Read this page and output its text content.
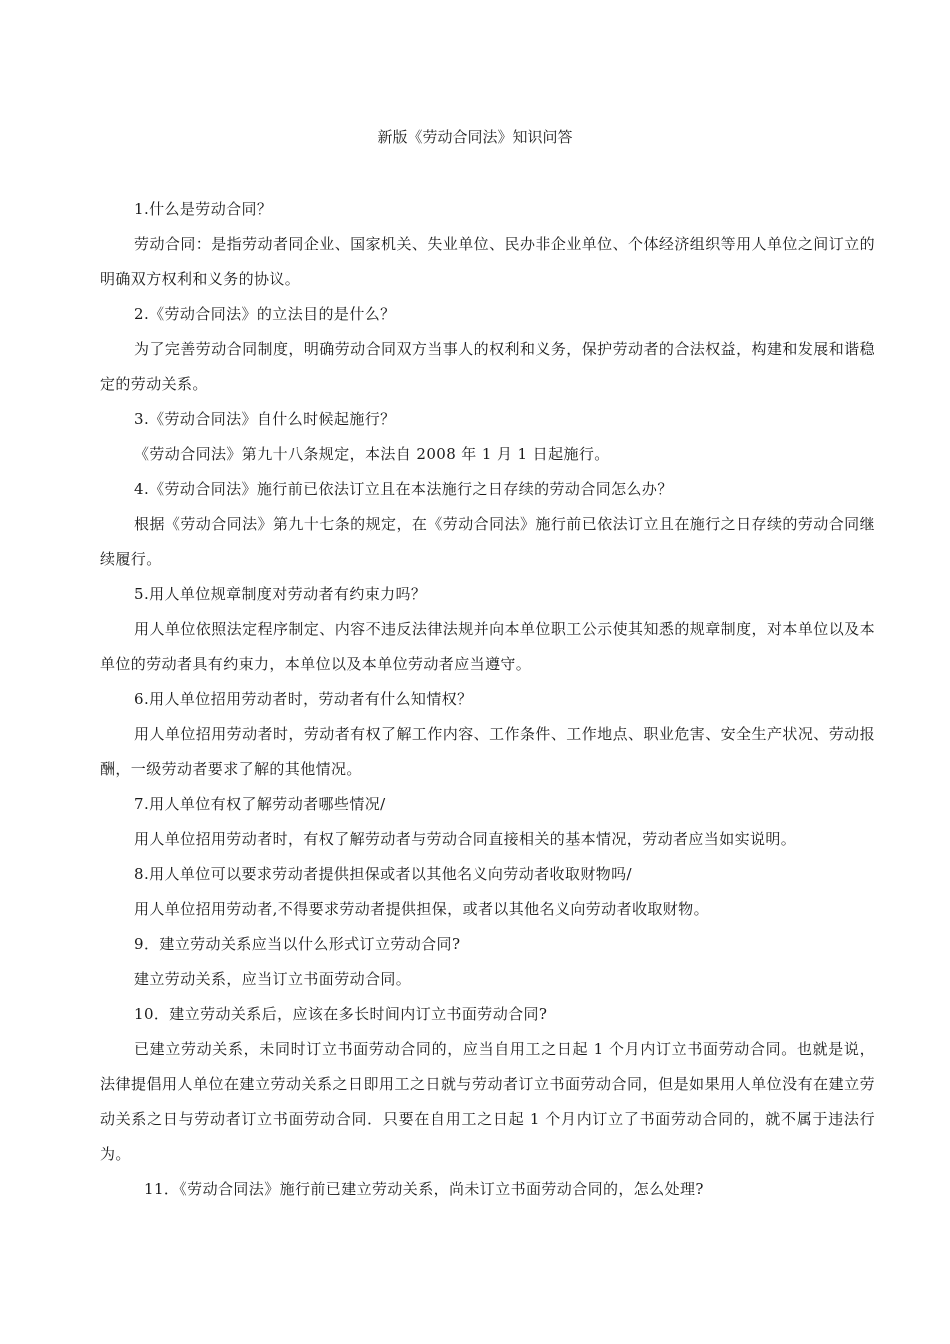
新版《劳动合同法》知识问答

1.什么是劳动合同？

劳动合同：是指劳动者同企业、国家机关、失业单位、民办非企业单位、个体经济组织等用人单位之间订立的明确双方权利和义务的协议。

2.《劳动合同法》的立法目的是什么？

为了完善劳动合同制度，明确劳动合同双方当事人的权利和义务，保护劳动者的合法权益，构建和发展和谐稳定的劳动关系。

3.《劳动合同法》自什么时候起施行？

《劳动合同法》第九十八条规定，本法自 2008 年 1 月 1 日起施行。

4.《劳动合同法》施行前已依法订立且在本法施行之日存续的劳动合同怎么办？

根据《劳动合同法》第九十七条的规定，在《劳动合同法》施行前已依法订立且在施行之日存续的劳动合同继续履行。

5.用人单位规章制度对劳动者有约束力吗？

用人单位依照法定程序制定、内容不违反法律法规并向本单位职工公示使其知悉的规章制度，对本单位以及本单位的劳动者具有约束力，本单位以及本单位劳动者应当遵守。

6.用人单位招用劳动者时，劳动者有什么知情权？

用人单位招用劳动者时，劳动者有权了解工作内容、工作条件、工作地点、职业危害、安全生产状况、劳动报酬，一级劳动者要求了解的其他情况。

7.用人单位有权了解劳动者哪些情况/

用人单位招用劳动者时，有权了解劳动者与劳动合同直接相关的基本情况，劳动者应当如实说明。

8.用人单位可以要求劳动者提供担保或者以其他名义向劳动者收取财物吗/

用人单位招用劳动者,不得要求劳动者提供担保，或者以其他名义向劳动者收取财物。

9．建立劳动关系应当以什么形式订立劳动合同?

建立劳动关系，应当订立书面劳动合同。

10．建立劳动关系后，应该在多长时间内订立书面劳动合同?

已建立劳动关系，未同时订立书面劳动合同的，应当自用工之日起 1 个月内订立书面劳动合同。也就是说，法律提倡用人单位在建立劳动关系之日即用工之日就与劳动者订立书面劳动合同，但是如果用人单位没有在建立劳动关系之日与劳动者订立书面劳动合同．只要在自用工之日起 1 个月内订立了书面劳动合同的，就不属于违法行为。

11．《劳动合同法》施行前已建立劳动关系，尚未订立书面劳动合同的，怎么处理?
